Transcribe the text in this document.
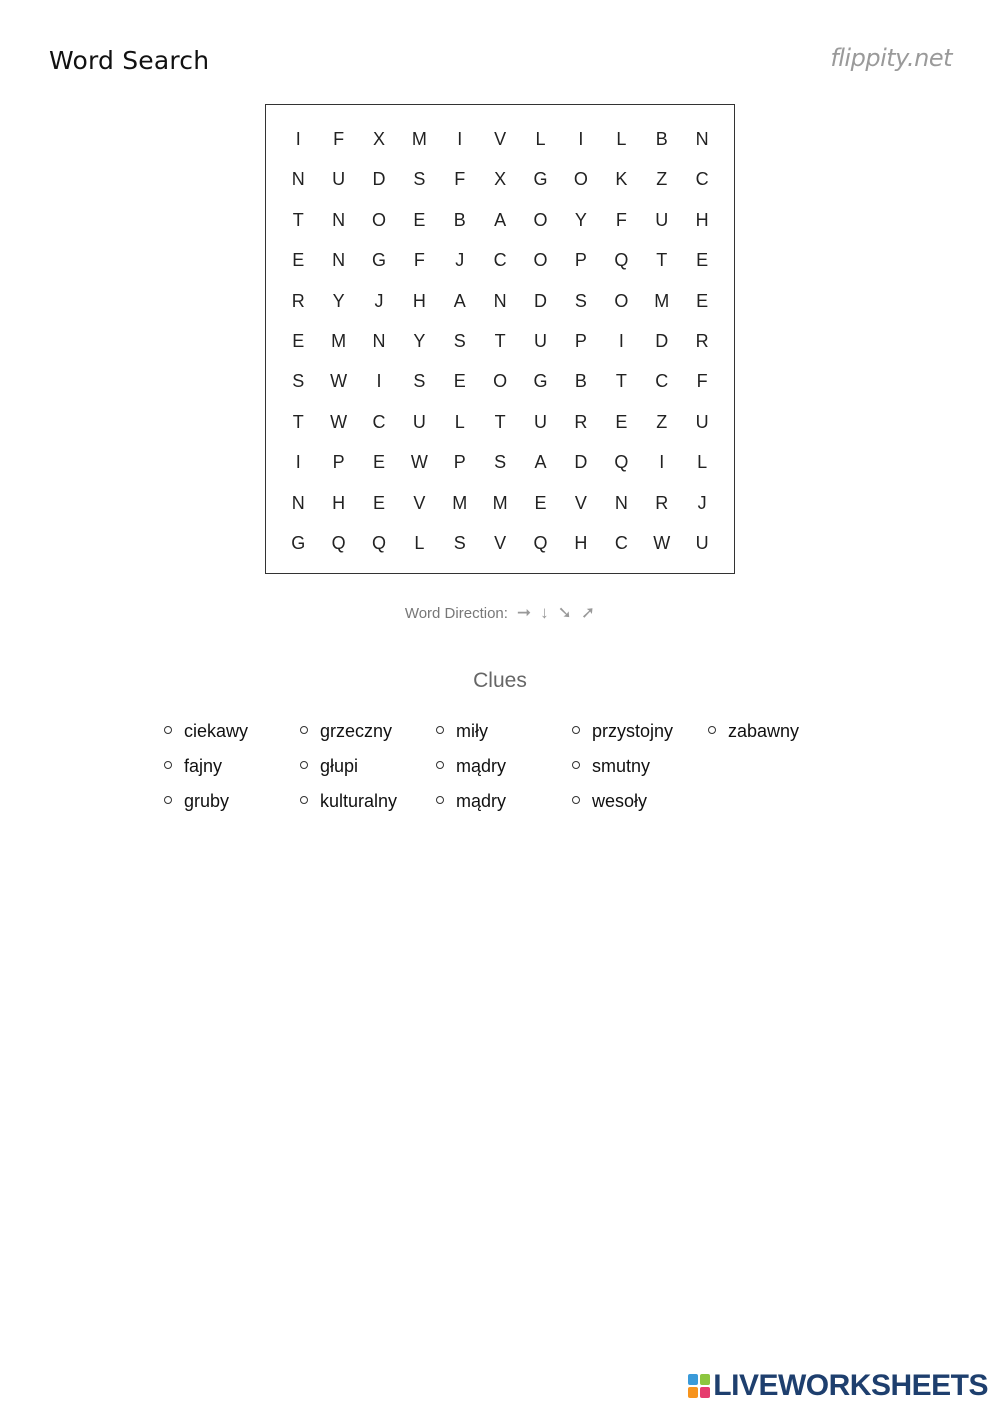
Word Search	flippity.net
I	F	X	M	I	V	L	I	L	B	N
N	U	D	S	F	X	G	O	K	Z	C
T	N	O	E	B	A	O	Y	F	U	H
E	N	G	F	J	C	O	P	Q	T	E
R	Y	J	H	A	N	D	S	O	M	E
E	M	N	Y	S	T	U	P	I	D	R
S	W	I	S	E	O	G	B	T	C	F
T	W	C	U	L	T	U	R	E	Z	U
I	P	E	W	P	S	A	D	Q	I	L
N	H	E	V	M	M	E	V	N	R	J
G	Q	Q	L	S	V	Q	H	C	W	U
Word Direction: ➞ ↓ ➘ ➚
Clues
ciekawy
fajny
gruby
grzeczny
głupi
kulturalny
miły
mądry
mądry
przystojny
smutny
wesoły
zabawny
LIVEWORKSHEETS
